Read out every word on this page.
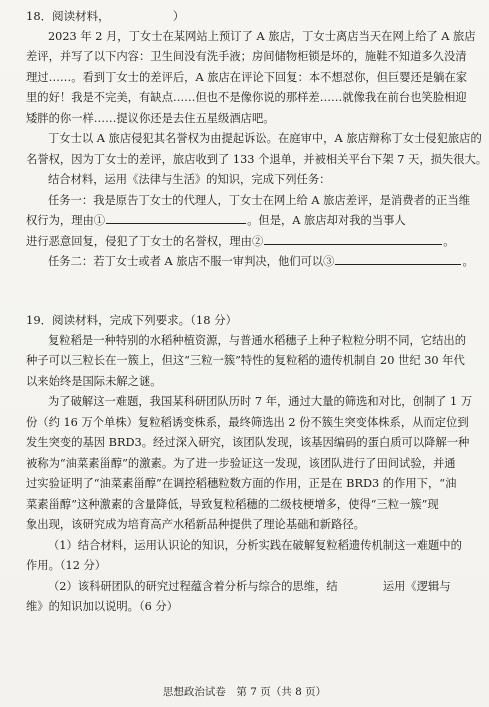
18．阅读材料，　　　　　　	）
2023 年 2 月，丁女士在某网站上预订了 A 旅店，丁女士离店当天在网上给了 A 旅店
差评，并写了以下内容：卫生间没有洗手液；房间储物柜锁是坏的，施鞋不知道多久没清
理过……。看到丁女士的差评后，A 旅店在评论下回复：本不想怼你，但巨婴还是躺在家
里的好！我是不完美，有缺点……但也不是像你说的那样差……就像我在前台也笑脸相迎
矮胖的你一样……提议你还是去住五星级酒店吧。
丁女士以 A 旅店侵犯其名誉权为由提起诉讼。在庭审中，A 旅店辩称丁女士侵犯旅店的
名誉权，因为丁女士的差评，旅店收到了 133 个退单，并被相关平台下架 7 天，损失很大。
结合材料，运用《法律与生活》的知识，完成下列任务：
任务一：我是原告丁女士的代理人，丁女士在网上给 A 旅店差评，是消费者的正当维
权行为，理由①	。但是，A 旅店却对我的当事人
进行恶意回复，侵犯了丁女士的名誉权，理由②	。
任务二：若丁女士或者 A 旅店不服一审判决，他们可以③	。
19．阅读材料，完成下列要求。（18 分）
复粒稻是一种特别的水稻种植资源，与普通水稻穗子上种子粒粒分明不同，它结出的
种子可以三粒长在一簇上，但这“三粒一簇”特性的复粒稻的遗传机制自 20 世纪 30 年代
以来始终是国际未解之谜。
为了破解这一难题，我国某科研团队历时 7 年，通过大量的筛选和对比，创制了 1 万
份（约 16 万个单株）复粒稻诱变株系，最终筛选出 2 份不簇生突变体株系，从而定位到
发生突变的基因 BRD3。经过深入研究，该团队发现，该基因编码的蛋白质可以降解一种
被称为“油菜素甾醇”的激素。为了进一步验证这一发现，该团队进行了田间试验，并通
过实验证明了“油菜素甾醇”在调控稻穗粒数方面的作用，正是在 BRD3 的作用下，“油
菜素甾醇”这种激素的含量降低，导致复粒稻穗的二级枝梗增多，使得“三粒一簇”现
象出现，该研究成为培育高产水稻新品种提供了理论基础和新路径。
（1）结合材料，运用认识论的知识，分析实践在破解复粒稻遗传机制这一难题中的
作用。（12 分）
（2）该科研团队的研究过程蕴含着分析与综合的思维，结　　　　	运用《逻辑与
维》的知识加以说明。（6 分）
思想政治试卷　第 7 页（共 8 页）
